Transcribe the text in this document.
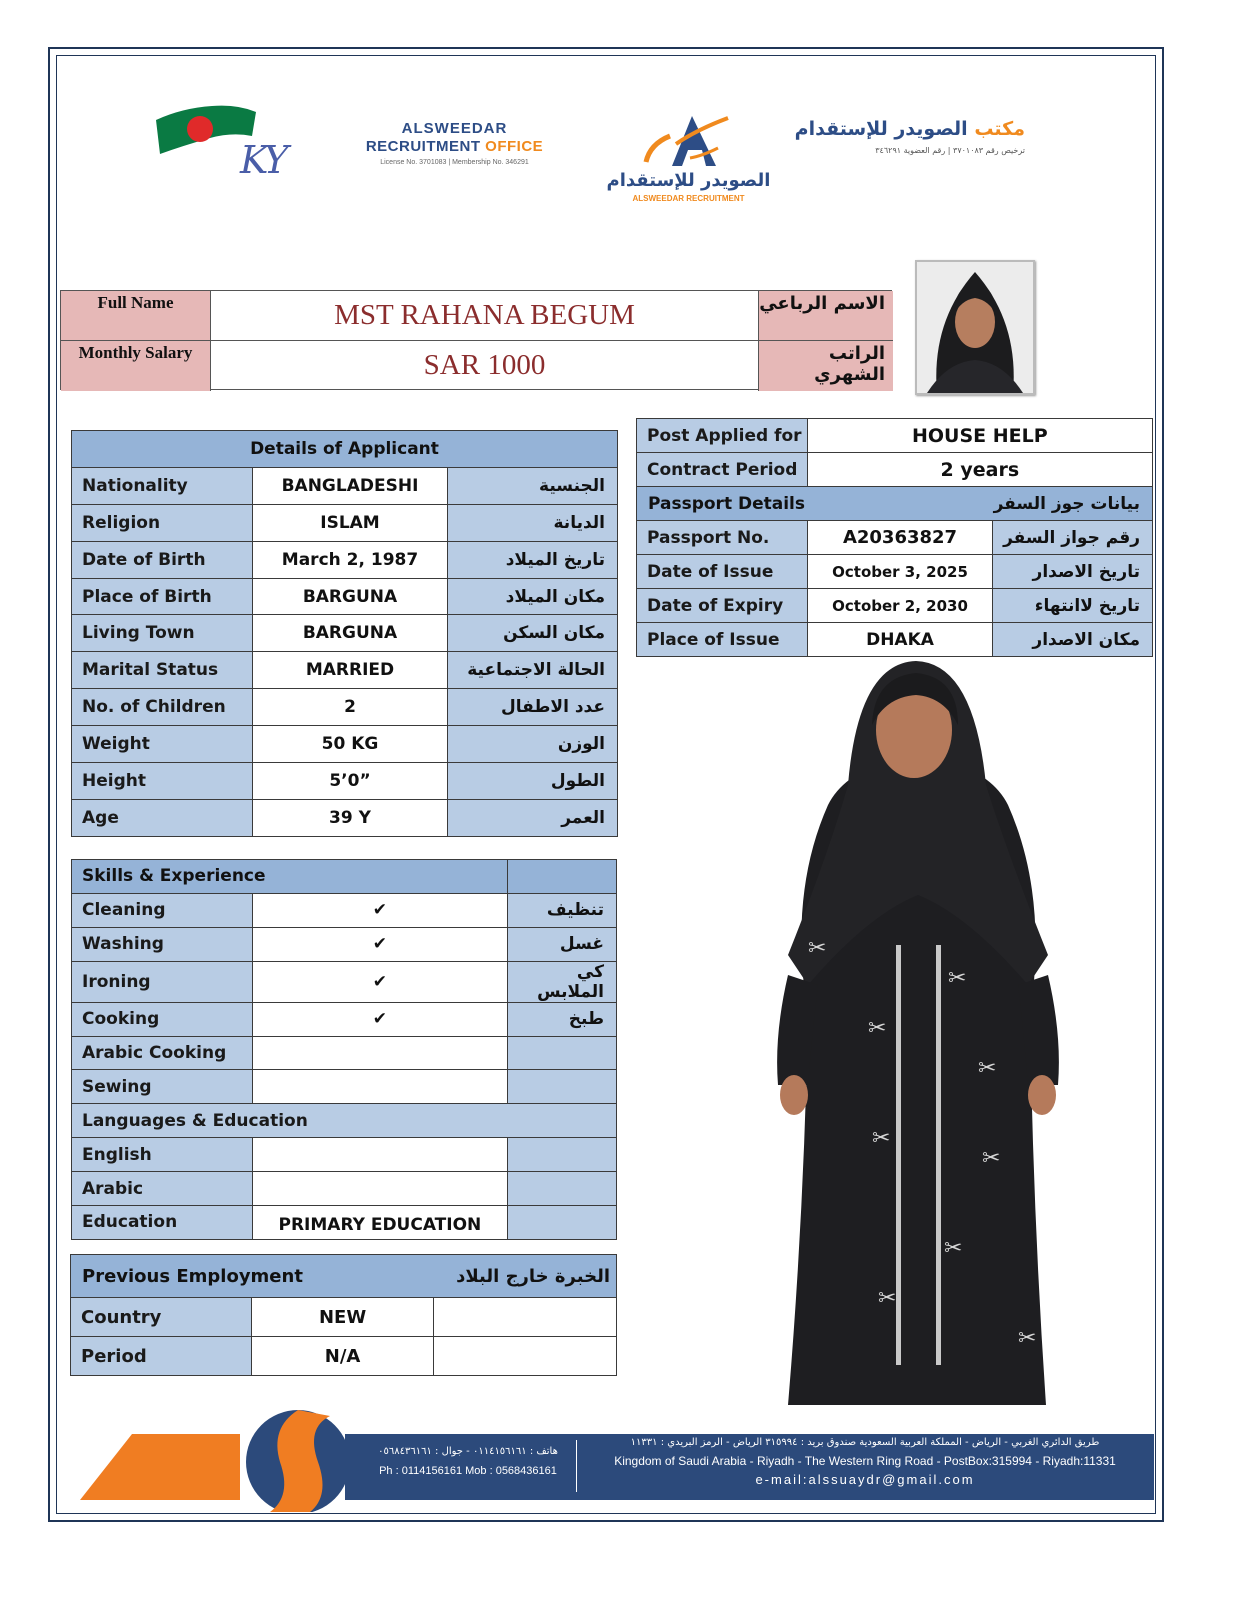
KY
ALSWEEDAR
RECRUITMENT OFFICE
License No. 3701083 | Membership No. 346291
الصويدر للإستقدام
ALSWEEDAR RECRUITMENT
مكتب الصويدر للإستقدام
ترخيص رقم ٣٧٠١٠٨٣ | رقم العضوية ٣٤٦٢٩١
Full Name	MST RAHANA BEGUM	الاسم الرباعي
Monthly Salary	SAR 1000	الراتب الشهري
Details of Applicant		
Nationality	BANGLADESHI	الجنسية
Religion	ISLAM	الديانة
Date of Birth	March 2, 1987	تاريخ الميلاد
Place of Birth	BARGUNA	مكان الميلاد
Living Town	BARGUNA	مكان السكن
Marital Status	MARRIED	الحالة الاجتماعية
No. of Children	2	عدد الاطفال
Weight	50 KG	الوزن
Height	5’0”	الطول
Age	39 Y	العمر
Skills & Experience		
Cleaning	✔	تنظيف
Washing	✔	غسل
Ironing	✔	كي الملابس
Cooking	✔	طبخ
Arabic Cooking		
Sewing		
Languages & Education		
English		
Arabic		
Education	PRIMARY EDUCATION	
Previous Employment الخبرة خارج البلاد		

Country	NEW	
Period	N/A	
Post Applied for	HOUSE HELP	
Contract Period	2 years	
Passport Details بيانات جوز السفر		

Passport No.	A20363827	رقم جواز السفر
Date of Issue	October 3, 2025	تاريخ الاصدار
Date of Expiry	October 2, 2030	تاريخ لاانتهاء
Place of Issue	DHAKA	مكان الاصدار
✂
✂
✂
✂
✂
✂
✂
✂
✂
هاتف : ٠١١٤١٥٦١٦١ - جوال : ٠٥٦٨٤٣٦١٦١
Ph : 0114156161 Mob : 0568436161
طريق الدائري الغربي - الرياض - المملكة العربية السعودية صندوق بريد : ٣١٥٩٩٤ الرياض - الرمز البريدي : ١١٣٣١
Kingdom of Saudi Arabia - Riyadh - The Western Ring Road - PostBox:315994 - Riyadh:11331
e-mail:alssuaydr@gmail.com
